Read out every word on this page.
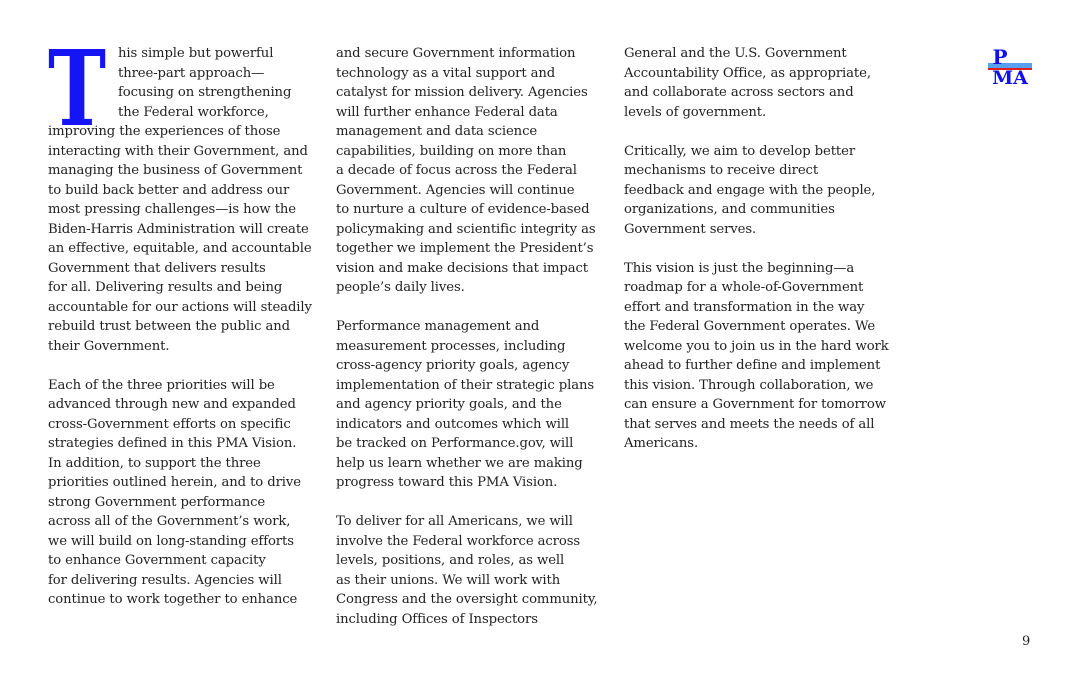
T his simple but powerful
three-part approach—
focusing on strengthening
the Federal workforce,
improving the experiences of those
interacting with their Government, and
managing the business of Government
to build back better and address our
most pressing challenges—is how the
Biden-Harris Administration will create
an effective, equitable, and accountable
Government that delivers results
for all. Delivering results and being
accountable for our actions will steadily
rebuild trust between the public and
their Government.
Each of the three priorities will be
advanced through new and expanded
cross-Government efforts on specific
strategies defined in this PMA Vision.
In addition, to support the three
priorities outlined herein, and to drive
strong Government performance
across all of the Government’s work,
we will build on long-standing efforts
to enhance Government capacity
for delivering results. Agencies will
continue to work together to enhance
and secure Government information
technology as a vital support and
catalyst for mission delivery. Agencies
will further enhance Federal data
management and data science
capabilities, building on more than
a decade of focus across the Federal
Government. Agencies will continue
to nurture a culture of evidence-based
policymaking and scientific integrity as
together we implement the President’s
vision and make decisions that impact
people’s daily lives.
Performance management and
measurement processes, including
cross-agency priority goals, agency
implementation of their strategic plans
and agency priority goals, and the
indicators and outcomes which will
be tracked on Performance.gov, will
help us learn whether we are making
progress toward this PMA Vision.
To deliver for all Americans, we will
involve the Federal workforce across
levels, positions, and roles, as well
as their unions. We will work with
Congress and the oversight community,
including Offices of Inspectors
General and the U.S. Government
Accountability Office, as appropriate,
and collaborate across sectors and
levels of government.
Critically, we aim to develop better
mechanisms to receive direct
feedback and engage with the people,
organizations, and communities
Government serves.
This vision is just the beginning—a
roadmap for a whole-of-Government
effort and transformation in the way
the Federal Government operates. We
welcome you to join us in the hard work
ahead to further define and implement
this vision. Through collaboration, we
can ensure a Government for tomorrow
that serves and meets the needs of all
Americans.
P
MA
9
